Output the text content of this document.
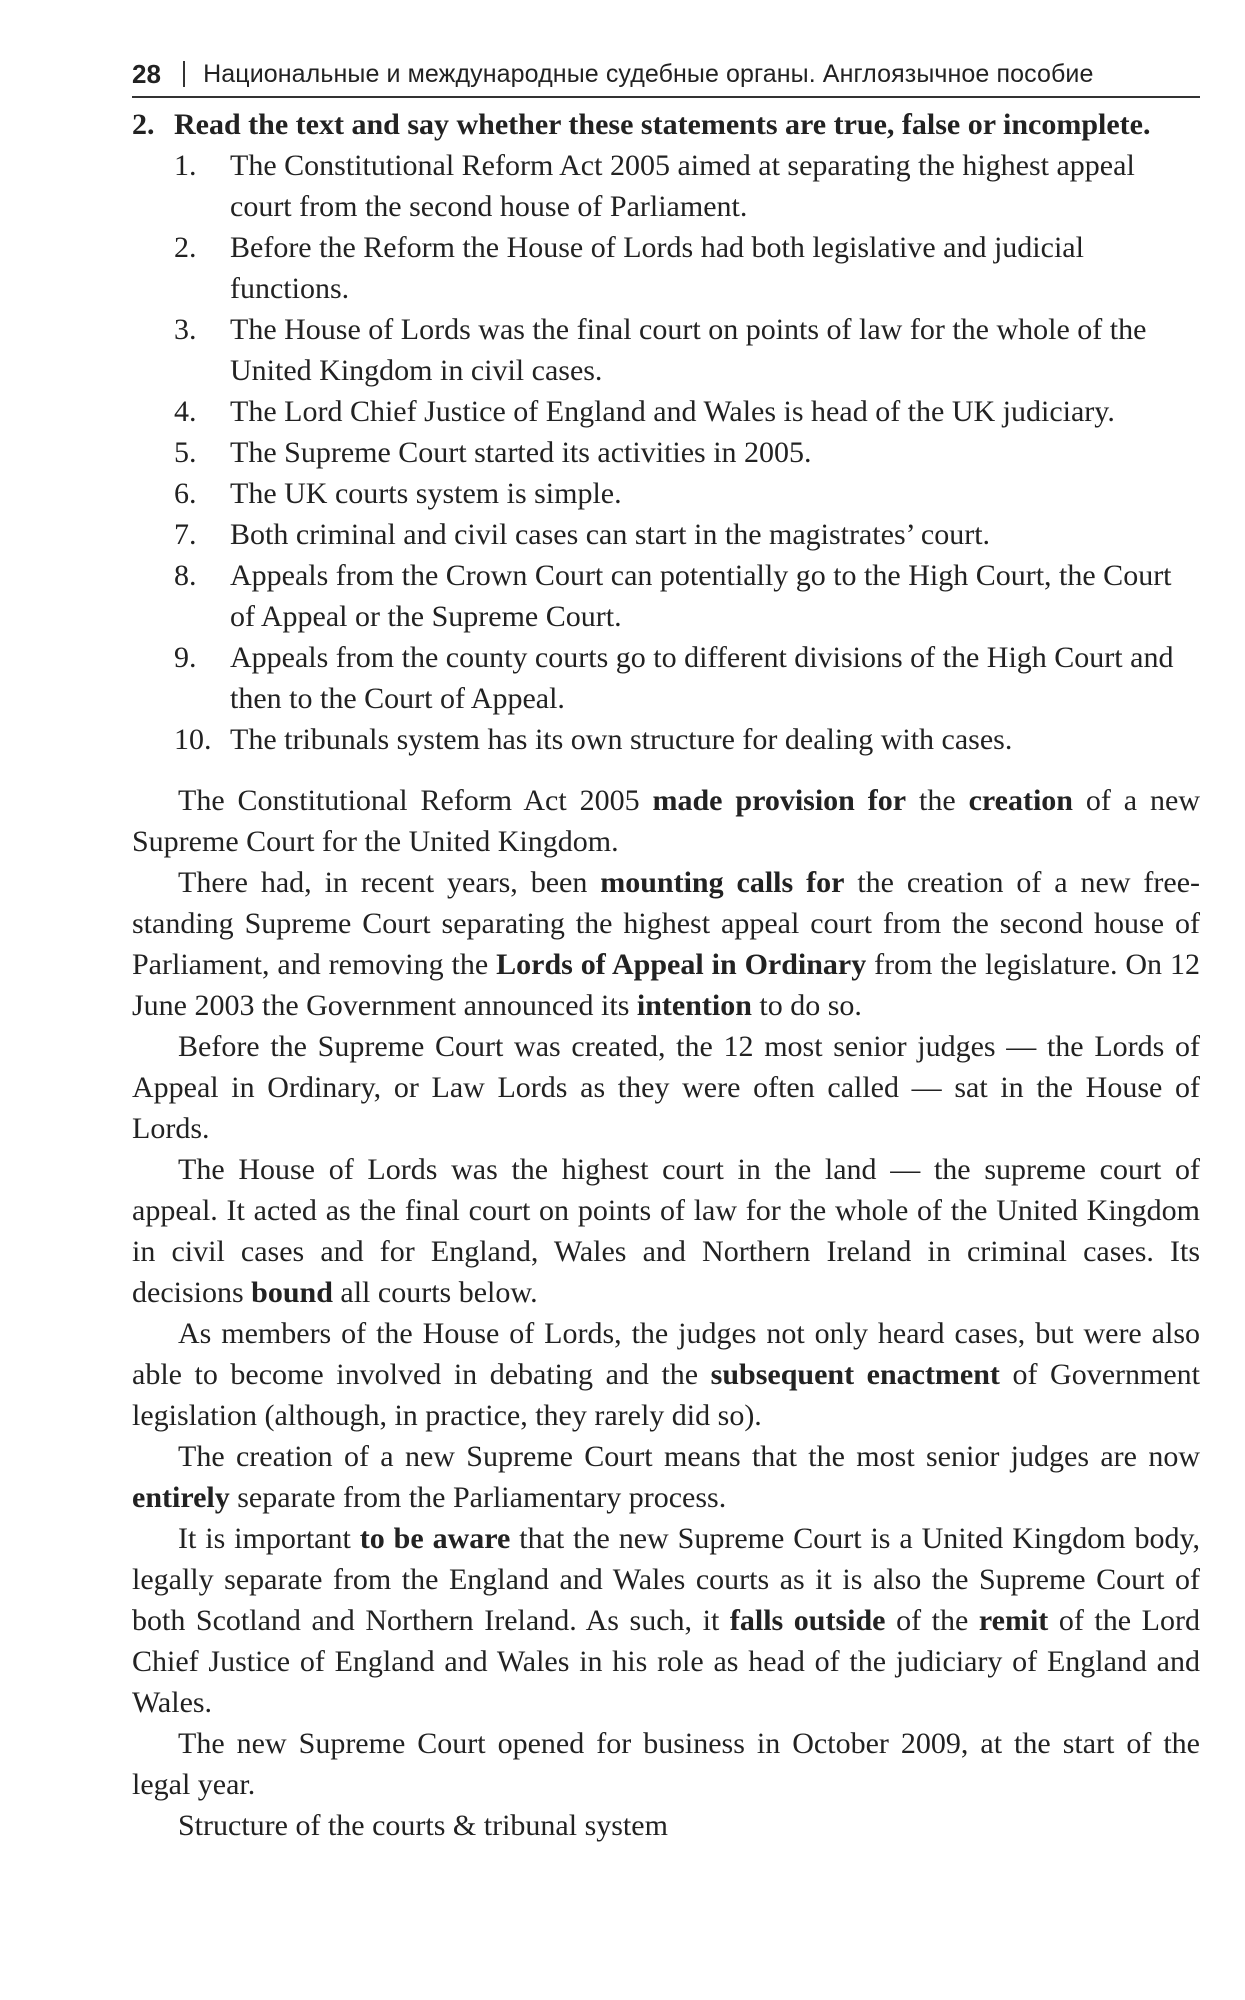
28 Национальные и международные судебные органы. Англоязычное пособие
2. Read the text and say whether these statements are true, false or incomplete.
1.	The Constitutional Reform Act 2005 aimed at separating the highest appeal court from the second house of Parliament.
2.	Before the Reform the House of Lords had both legislative and judicial functions.
3.	The House of Lords was the final court on points of law for the whole of the United Kingdom in civil cases.
4.	The Lord Chief Justice of England and Wales is head of the UK judiciary.
5.	The Supreme Court started its activities in 2005.
6.	The UK courts system is simple.
7.	Both criminal and civil cases can start in the magistrates’ court.
8.	Appeals from the Crown Court can potentially go to the High Court, the Court of Appeal or the Supreme Court.
9.	Appeals from the county courts go to different divisions of the High Court and then to the Court of Appeal.
10. The tribunals system has its own structure for dealing with cases.

The Constitutional Reform Act 2005 made provision for the creation of a new Supreme Court for the United Kingdom.

There had, in recent years, been mounting calls for the creation of a new free-standing Supreme Court separating the highest appeal court from the second house of Parliament, and removing the Lords of Appeal in Ordinary from the legislature. On 12 June 2003 the Government announced its intention to do so.

Before the Supreme Court was created, the 12 most senior judges — the Lords of Appeal in Ordinary, or Law Lords as they were often called — sat in the House of Lords.

The House of Lords was the highest court in the land — the supreme court of appeal. It acted as the final court on points of law for the whole of the United Kingdom in civil cases and for England, Wales and Northern Ireland in criminal cases. Its decisions bound all courts below.

As members of the House of Lords, the judges not only heard cases, but were also able to become involved in debating and the subsequent enactment of Government legislation (although, in practice, they rarely did so).

The creation of a new Supreme Court means that the most senior judges are now entirely separate from the Parliamentary process.

It is important to be aware that the new Supreme Court is a United Kingdom body, legally separate from the England and Wales courts as it is also the Supreme Court of both Scotland and Northern Ireland. As such, it falls outside of the remit of the Lord Chief Justice of England and Wales in his role as head of the judiciary of England and Wales.

The new Supreme Court opened for business in October 2009, at the start of the legal year.

Structure of the courts & tribunal system
